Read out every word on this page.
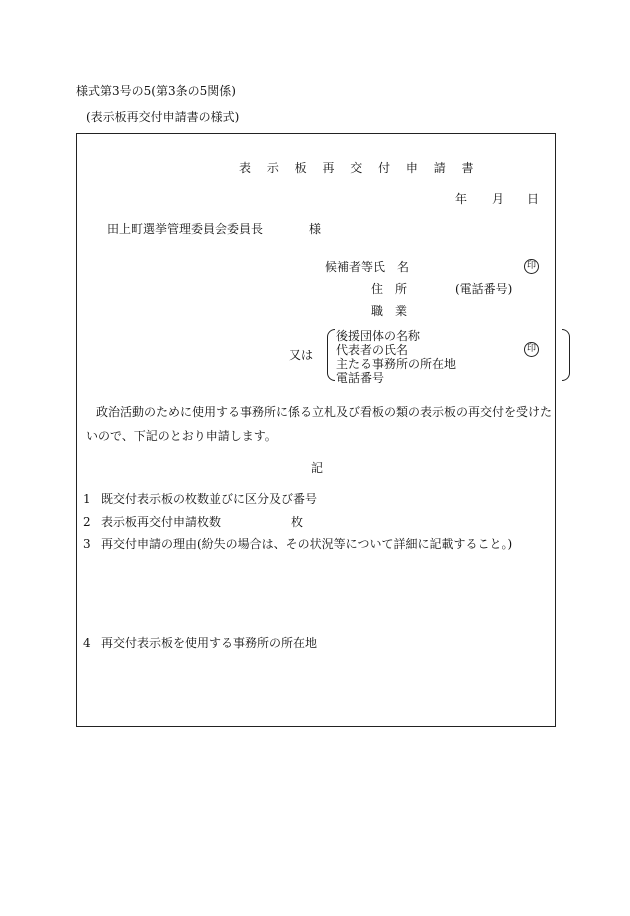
様式第3号の5(第3条の5関係)
(表示板再交付申請書の様式)
表 示 板 再 交 付 申 請 書
年 月 日
田上町選挙管理委員会委員長	様
候補者等氏　名	印
住　所	(電話番号)
職　業
又は
後援団体の名称
代表者の氏名
主たる事務所の所在地
電話番号
印
政治活動のために使用する事務所に係る立札及び看板の類の表示板の再交付を受けたいので、下記のとおり申請します。
記
1 既交付表示板の枚数並びに区分及び番号
2 表示板再交付申請枚数	枚
3 再交付申請の理由(紛失の場合は、その状況等について詳細に記載すること。)
4 再交付表示板を使用する事務所の所在地
